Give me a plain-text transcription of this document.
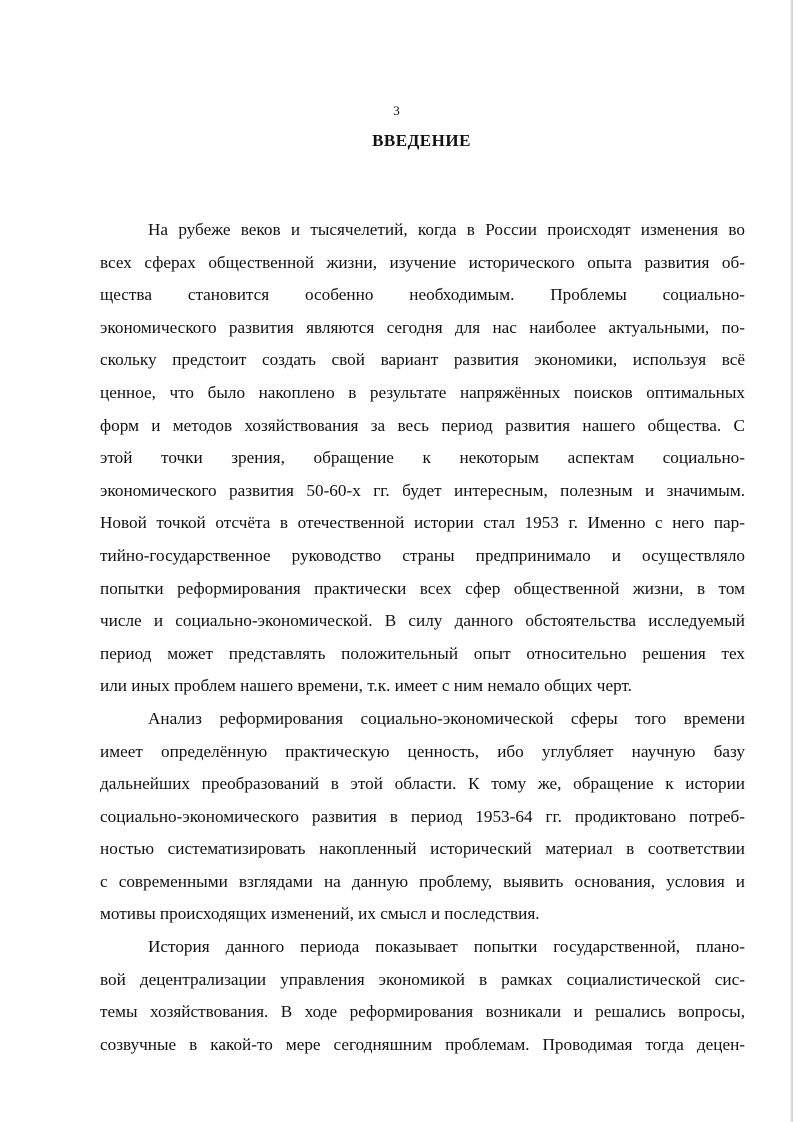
3
ВВЕДЕНИЕ
На рубеже веков и тысячелетий, когда в России происходят изменения во
всех сферах общественной жизни, изучение исторического опыта развития об-
щества становится особенно необходимым. Проблемы социально-
экономического развития являются сегодня для нас наиболее актуальными, по-
скольку предстоит создать свой вариант развития экономики, используя всё
ценное, что было накоплено в результате напряжённых поисков оптимальных
форм и методов хозяйствования за весь период развития нашего общества. С
этой точки зрения, обращение к некоторым аспектам социально-
экономического развития 50-60-х гг. будет интересным, полезным и значимым.
Новой точкой отсчёта в отечественной истории стал 1953 г. Именно с него пар-
тийно-государственное руководство страны предпринимало и осуществляло
попытки реформирования практически всех сфер общественной жизни, в том
числе и социально-экономической. В силу данного обстоятельства исследуемый
период может представлять положительный опыт относительно решения тех
или иных проблем нашего времени, т.к. имеет с ним немало общих черт.
Анализ реформирования социально-экономической сферы того времени
имеет определённую практическую ценность, ибо углубляет научную базу
дальнейших преобразований в этой области. К тому же, обращение к истории
социально-экономического развития в период 1953-64 гг. продиктовано потреб-
ностью систематизировать накопленный исторический материал в соответствии
с современными взглядами на данную проблему, выявить основания, условия и
мотивы происходящих изменений, их смысл и последствия.
История данного периода показывает попытки государственной, плано-
вой децентрализации управления экономикой в рамках социалистической сис-
темы хозяйствования. В ходе реформирования возникали и решались вопросы,
созвучные в какой-то мере сегодняшним проблемам. Проводимая тогда децен-
